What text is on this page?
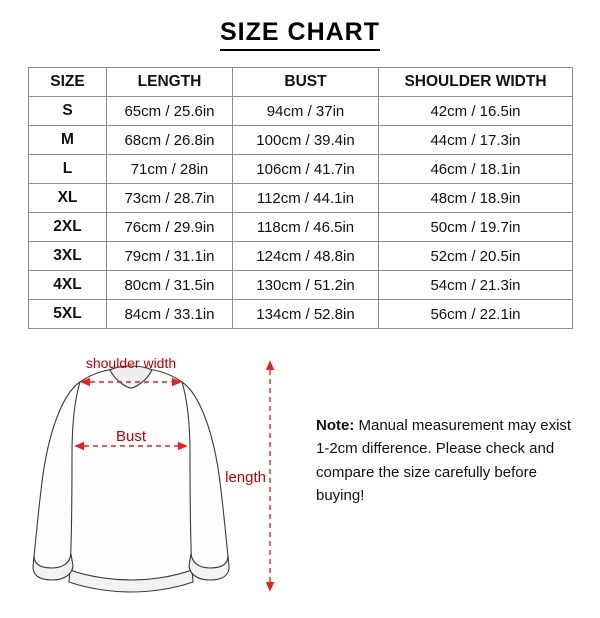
SIZE CHART
SIZE	LENGTH	BUST	SHOULDER WIDTH
S	65cm / 25.6in	94cm / 37in	42cm / 16.5in
M	68cm / 26.8in	100cm / 39.4in	44cm / 17.3in
L	71cm / 28in	106cm / 41.7in	46cm / 18.1in
XL	73cm / 28.7in	112cm / 44.1in	48cm / 18.9in
2XL	76cm / 29.9in	118cm / 46.5in	50cm / 19.7in
3XL	79cm / 31.1in	124cm / 48.8in	52cm / 20.5in
4XL	80cm / 31.5in	130cm / 51.2in	54cm / 21.3in
5XL	84cm / 33.1in	134cm / 52.8in	56cm / 22.1in
shoulder width
Bust
length
Note: Manual measurement may exist 1-2cm difference. Please check and compare the size carefully before buying!
